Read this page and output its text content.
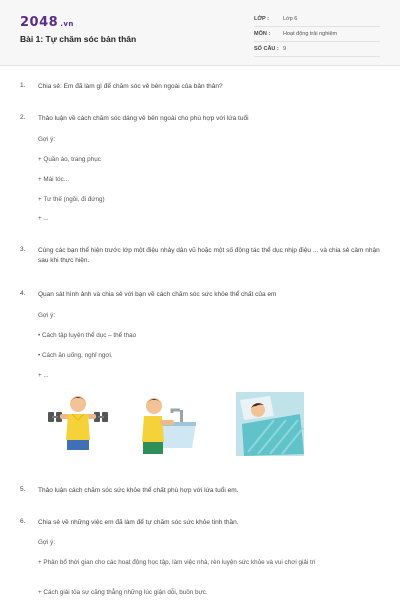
2048 .vn
Bài 1: Tự chăm sóc bản thân
LỚP :	Lớp 6
MÔN :	Hoạt động trải nghiệm
SỐ CÂU : 9
1. Chia sẻ: Em đã làm gì để chăm sóc vẻ bên ngoài của bản thân?
2. Thảo luận về cách chăm sóc dáng vẻ bên ngoài cho phù hợp với lứa tuổi
Gợi ý:
+ Quần áo, trang phục
+ Mái tóc...
+ Tư thế (ngồi, đi đứng)
+ ...
3. Cùng các bạn thể hiện trước lớp một điệu nhảy dân vũ hoặc một số động tác thể dục nhịp điệu ... và chia sẻ cảm nhận sau khi thực hiện.
4. Quan sát hình ảnh và chia sẻ với bạn về cách chăm sóc sức khỏe thể chất của em
Gợi ý:
• Cách tập luyện thể dục – thể thao
• Cách ăn uống, nghỉ ngơi.
+ ...
5. Thảo luận cách chăm sóc sức khỏe thể chất phù hợp với lứa tuổi em.
6. Chia sẻ về những việc em đã làm để tự chăm sóc sức khỏe tinh thần.
Gợi ý:
+ Phân bổ thời gian cho các hoạt động học tập, làm việc nhà, rèn luyện sức khỏe và vui chơi giải trí
+ Cách giải tỏa sự căng thẳng những lúc giận dỗi, buồn bực.
